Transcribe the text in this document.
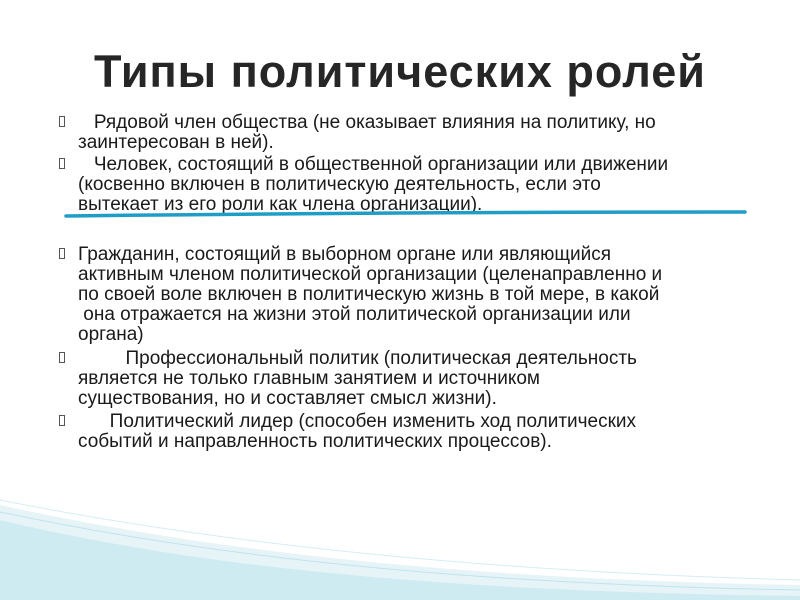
Типы политических ролей
Рядовой член общества (не оказывает влияния на политику, но
заинтересован в ней).
Человек, состоящий в общественной организации или движении
(косвенно включен в политическую деятельность, если это
вытекает из его роли как члена организации).
Гражданин, состоящий в выборном органе или являющийся
активным членом политической организации (целенаправленно и
по своей воле включен в политическую жизнь в той мере, в какой
она отражается на жизни этой политической организации или
органа)
Профессиональный политик (политическая деятельность
является не только главным занятием и источником
существования, но и составляет смысл жизни).
Политический лидер (способен изменить ход политических
событий и направленность политических процессов).
